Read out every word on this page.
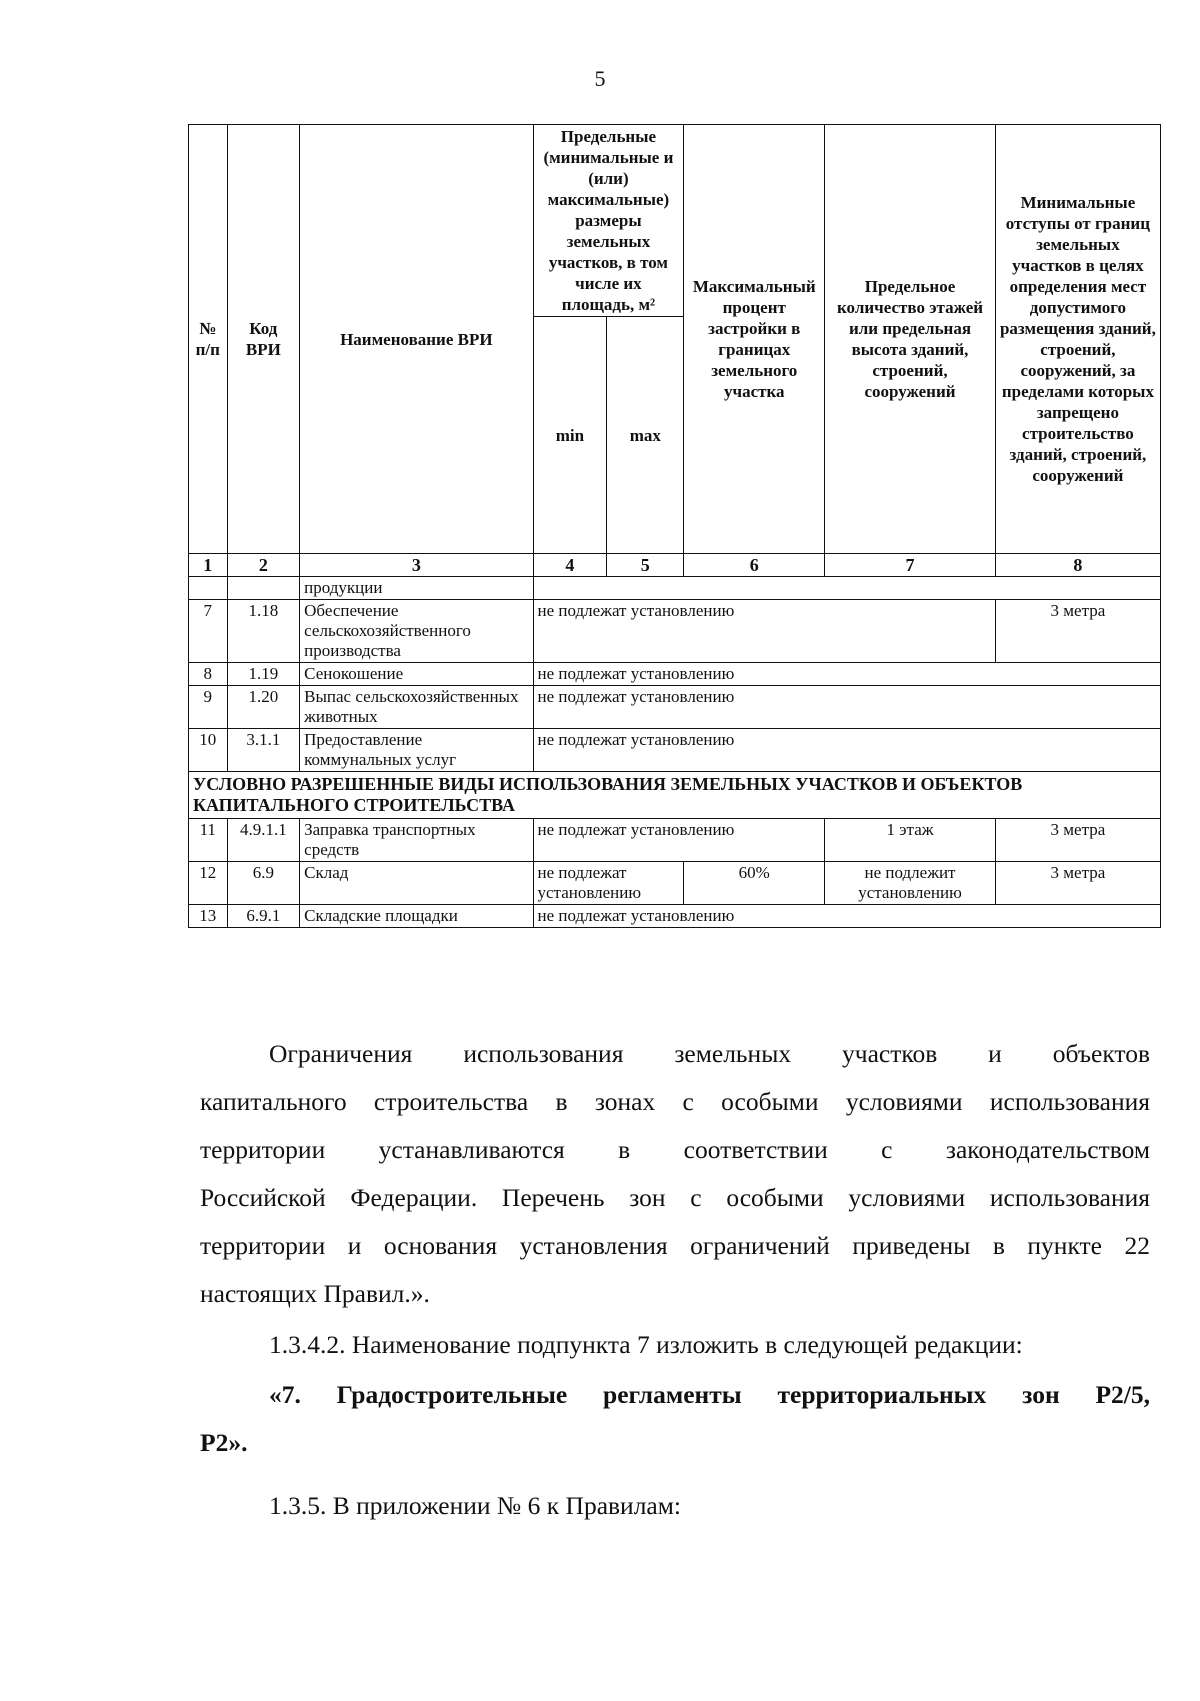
5
№ п/п	Код ВРИ	Наименование ВРИ	Предельные (минимальные и (или) максимальные) размеры земельных участков, в том числе их площадь, м²		Максимальный процент застройки в границах земельного участка	Предельное количество этажей или предельная высота зданий, строений, сооружений	Минимальные отступы от границ земельных участков в целях определения мест допустимого размещения зданий, строений, сооружений, за пределами которых запрещено строительство зданий, строений, сооружений
			min	max			
1	2	3	4	5	6	7	8
		продукции					
7	1.18	Обеспечение сельскохозяйственного производства	не подлежат установлению				3 метра
8	1.19	Сенокошение	не подлежат установлению				
9	1.20	Выпас сельскохозяйственных животных	не подлежат установлению				
10	3.1.1	Предоставление коммунальных услуг	не подлежат установлению				
УСЛОВНО РАЗРЕШЕННЫЕ ВИДЫ ИСПОЛЬЗОВАНИЯ ЗЕМЕЛЬНЫХ УЧАСТКОВ И ОБЪЕКТОВ КАПИТАЛЬНОГО СТРОИТЕЛЬСТВА							
11	4.9.1.1	Заправка транспортных средств	не подлежат установлению			1 этаж	3 метра
12	6.9	Склад	не подлежат установлению		60%	не подлежит установлению	3 метра
13	6.9.1	Складские площадки	не подлежат установлению				

Ограничения использования земельных участков и объектов

капитального строительства в зонах с особыми условиями использования

территории устанавливаются в соответствии с законодательством

Российской Федерации. Перечень зон с особыми условиями использования

территории и основания установления ограничений приведены в пункте 22

настоящих Правил.».

1.3.4.2. Наименование подпункта 7 изложить в следующей редакции:
«7. Градостроительные регламенты территориальных зон Р2/5,
Р2».
1.3.5. В приложении № 6 к Правилам:
